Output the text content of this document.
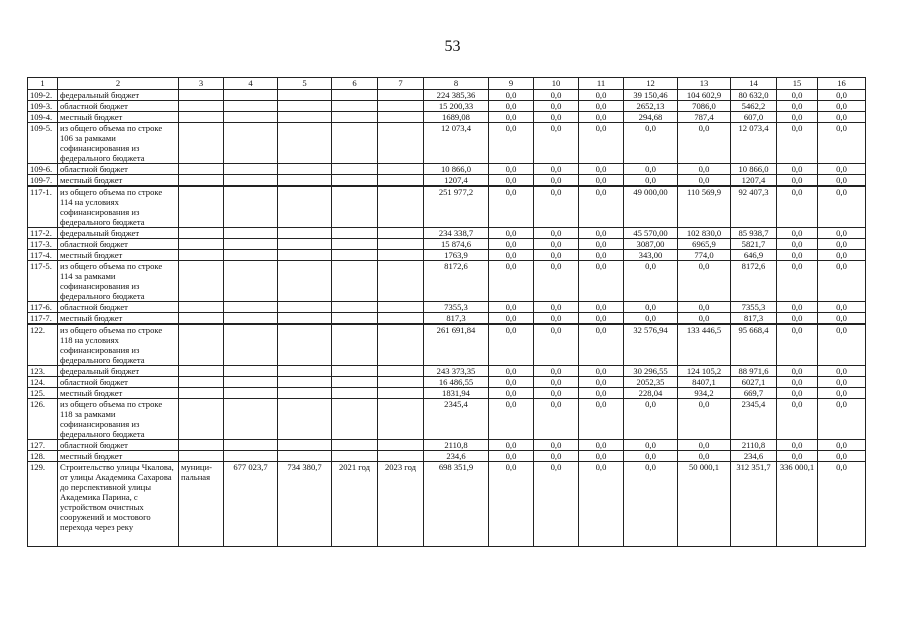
53
1	2	3	4	5	6	7	8	9	10	11	12	13	14	15	16
109-2.	федеральный бюджет						224 385,36	0,0	0,0	0,0	39 150,46	104 602,9	80 632,0	0,0	0,0
109-3.	областной бюджет						15 200,33	0,0	0,0	0,0	2652,13	7086,0	5462,2	0,0	0,0
109-4.	местный бюджет						1689,08	0,0	0,0	0,0	294,68	787,4	607,0	0,0	0,0
109-5.	из общего объема по строке 106 за рамками софинансирования из федерального бюджета						12 073,4	0,0	0,0	0,0	0,0	0,0	12 073,4	0,0	0,0
109-6.	областной бюджет						10 866,0	0,0	0,0	0,0	0,0	0,0	10 866,0	0,0	0,0
109-7.	местный бюджет						1207,4	0,0	0,0	0,0	0,0	0,0	1207,4	0,0	0,0
117-1.	из общего объема по строке 114 на условиях софинансирования из федерального бюджета						251 977,2	0,0	0,0	0,0	49 000,00	110 569,9	92 407,3	0,0	0,0
117-2.	федеральный бюджет						234 338,7	0,0	0,0	0,0	45 570,00	102 830,0	85 938,7	0,0	0,0
117-3.	областной бюджет						15 874,6	0,0	0,0	0,0	3087,00	6965,9	5821,7	0,0	0,0
117-4.	местный бюджет						1763,9	0,0	0,0	0,0	343,00	774,0	646,9	0,0	0,0
117-5.	из общего объема по строке 114 за рамками софинансирования из федерального бюджета						8172,6	0,0	0,0	0,0	0,0	0,0	8172,6	0,0	0,0
117-6.	областной бюджет						7355,3	0,0	0,0	0,0	0,0	0,0	7355,3	0,0	0,0
117-7.	местный бюджет						817,3	0,0	0,0	0,0	0,0	0,0	817,3	0,0	0,0
122.	из общего объема по строке 118 на условиях софинансирования из федерального бюджета						261 691,84	0,0	0,0	0,0	32 576,94	133 446,5	95 668,4	0,0	0,0
123.	федеральный бюджет						243 373,35	0,0	0,0	0,0	30 296,55	124 105,2	88 971,6	0,0	0,0
124.	областной бюджет						16 486,55	0,0	0,0	0,0	2052,35	8407,1	6027,1	0,0	0,0
125.	местный бюджет						1831,94	0,0	0,0	0,0	228,04	934,2	669,7	0,0	0,0
126.	из общего объема по строке 118 за рамками софинансирования из федерального бюджета						2345,4	0,0	0,0	0,0	0,0	0,0	2345,4	0,0	0,0
127.	областной бюджет						2110,8	0,0	0,0	0,0	0,0	0,0	2110,8	0,0	0,0
128.	местный бюджет						234,6	0,0	0,0	0,0	0,0	0,0	234,6	0,0	0,0
129.	Строительство улицы Чкалова, от улицы Академика Сахарова до перспективной улицы Академика Парина, с устройством очистных сооружений и мостового перехода через реку	муници- пальная	677 023,7	734 380,7	2021 год	2023 год	698 351,9	0,0	0,0	0,0	0,0	50 000,1	312 351,7	336 000,1	0,0
